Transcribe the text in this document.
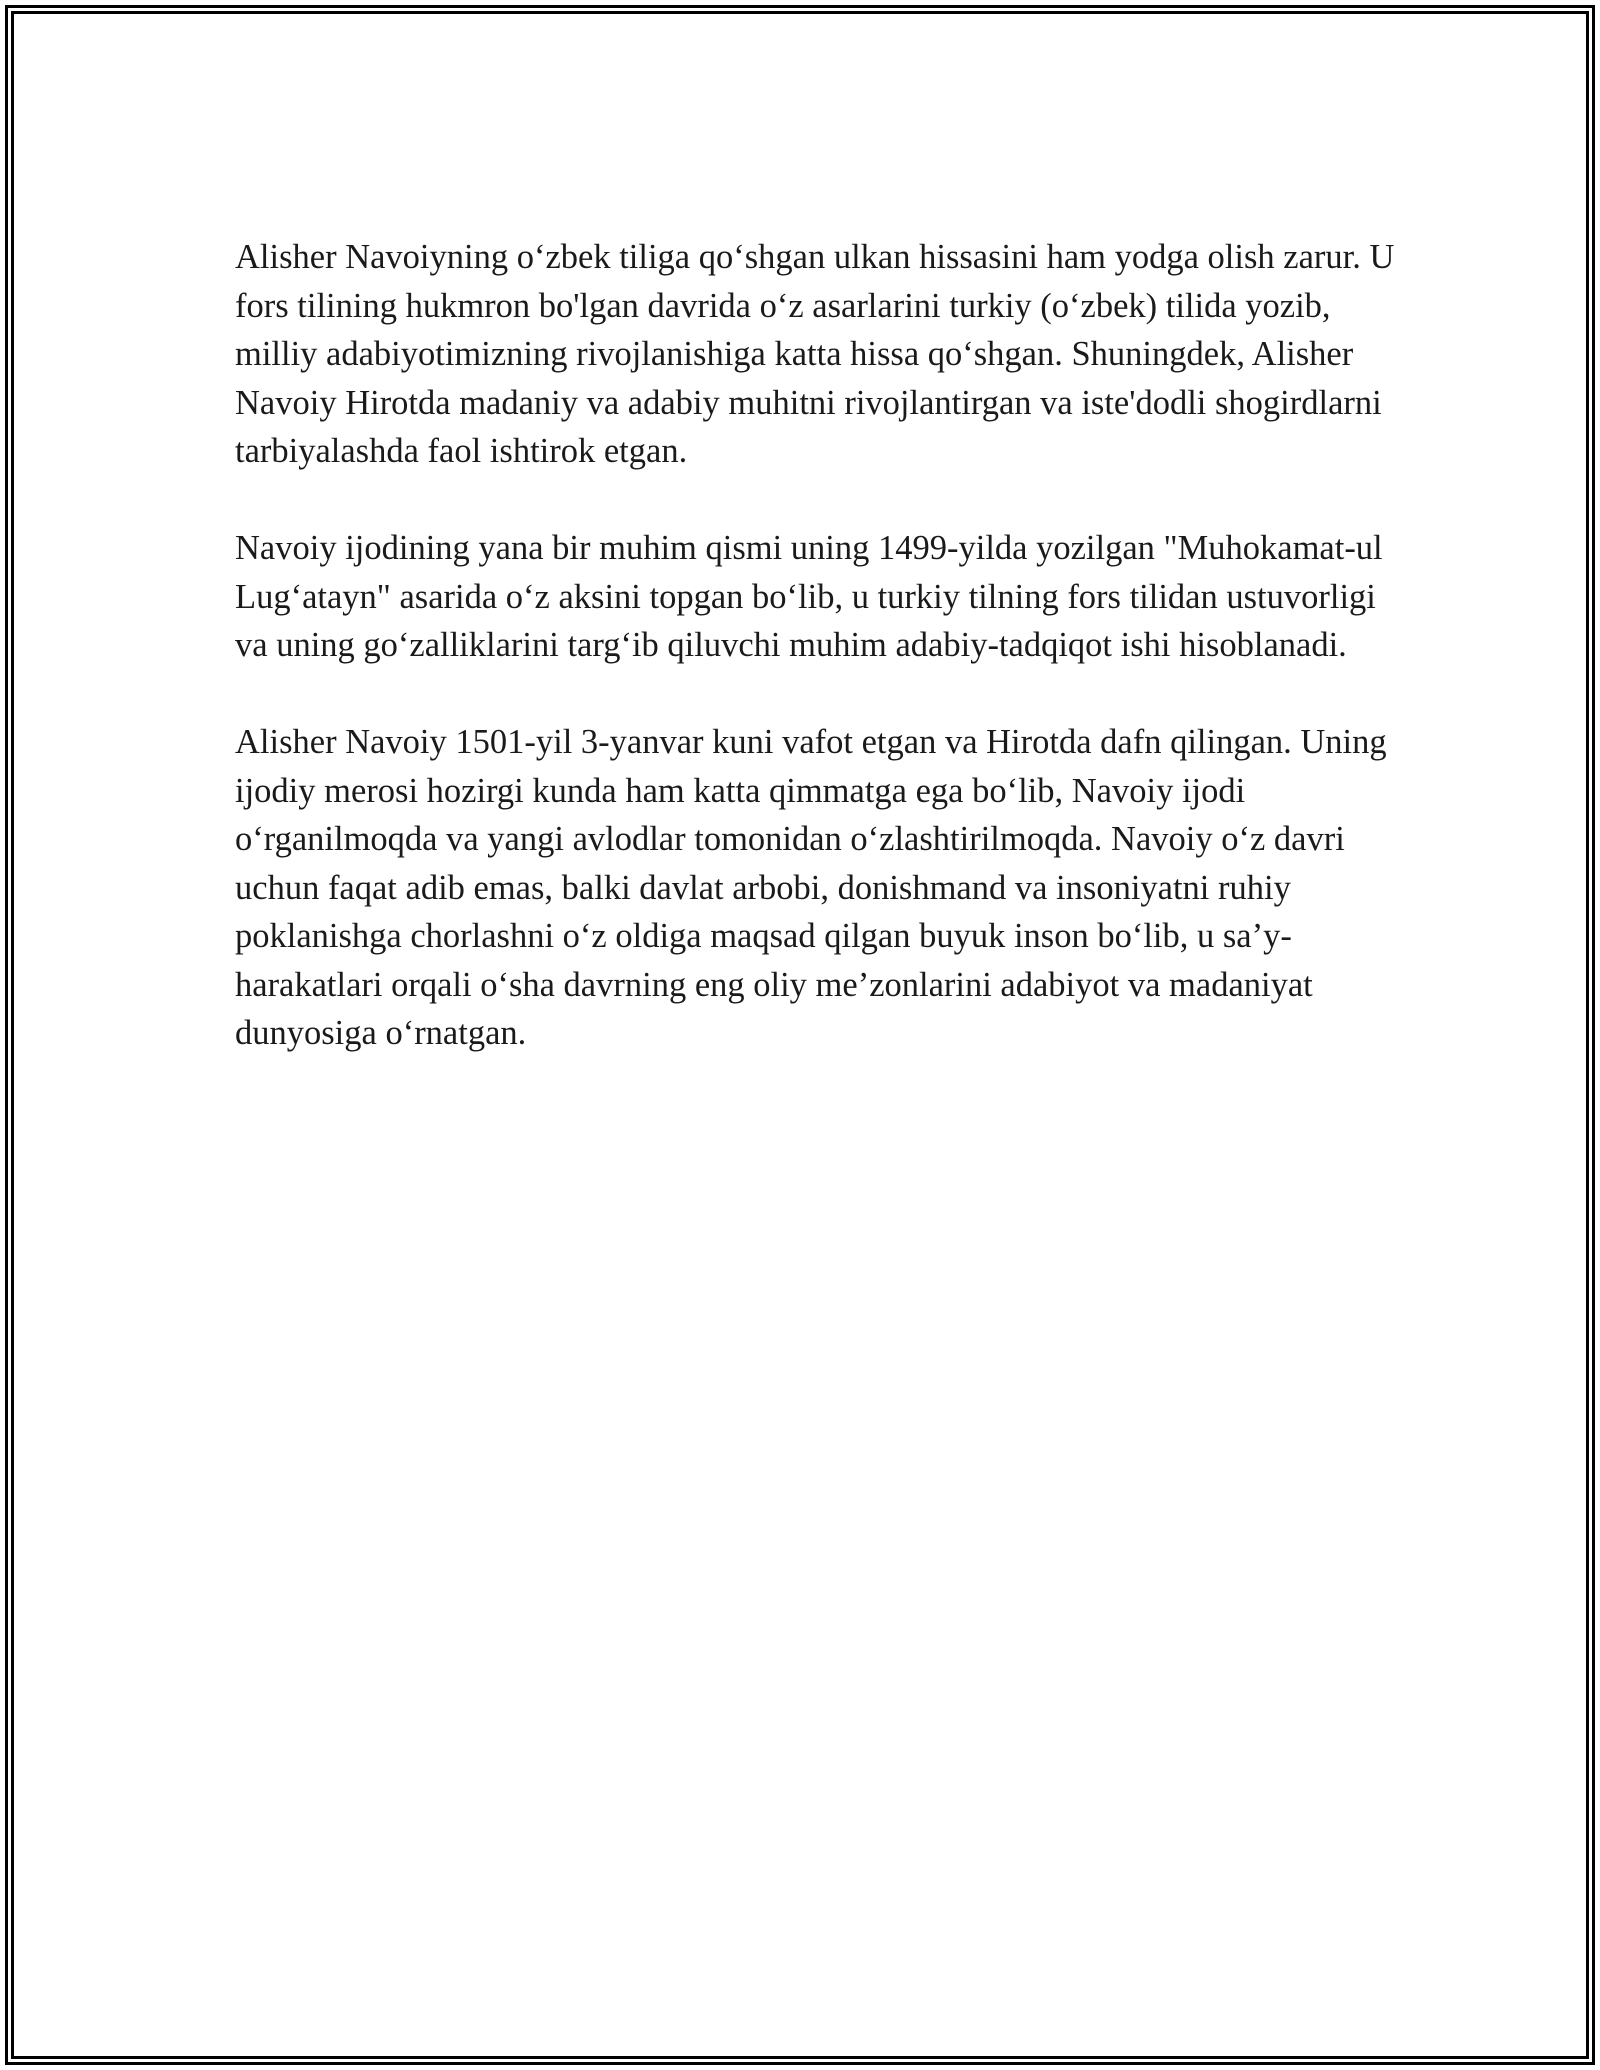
Alisher Navoiyning o‘zbek tiliga qo‘shgan ulkan hissasini ham yodga olish zarur. U fors tilining hukmron bo'lgan davrida o‘z asarlarini turkiy (o‘zbek) tilida yozib, milliy adabiyotimizning rivojlanishiga katta hissa qo‘shgan. Shuningdek, Alisher Navoiy Hirotda madaniy va adabiy muhitni rivojlantirgan va iste'dodli shogirdlarni tarbiyalashda faol ishtirok etgan.

Navoiy ijodining yana bir muhim qismi uning 1499-yilda yozilgan "Muhokamat-ul Lug‘atayn" asarida o‘z aksini topgan bo‘lib, u turkiy tilning fors tilidan ustuvorligi va uning go‘zalliklarini targ‘ib qiluvchi muhim adabiy-tadqiqot ishi hisoblanadi.

Alisher Navoiy 1501-yil 3-yanvar kuni vafot etgan va Hirotda dafn qilingan. Uning ijodiy merosi hozirgi kunda ham katta qimmatga ega bo‘lib, Navoiy ijodi o‘rganilmoqda va yangi avlodlar tomonidan o‘zlashtirilmoqda. Navoiy o‘z davri uchun faqat adib emas, balki davlat arbobi, donishmand va insoniyatni ruhiy poklanishga chorlashni o‘z oldiga maqsad qilgan buyuk inson bo‘lib, u sa’y-harakatlari orqali o‘sha davrning eng oliy me’zonlarini adabiyot va madaniyat dunyosiga o‘rnatgan.
